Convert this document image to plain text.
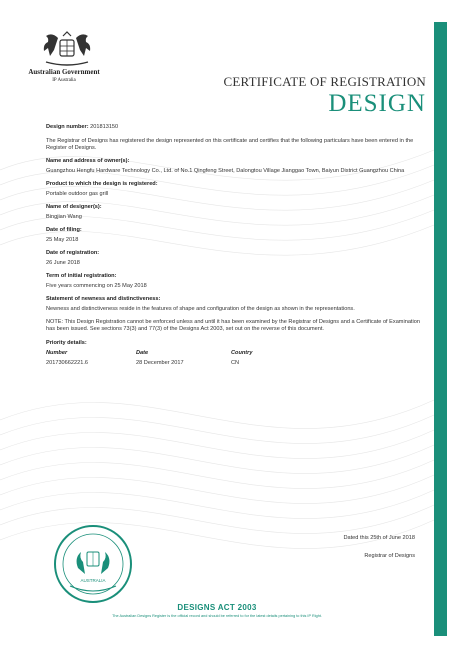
Australian Government
IP Australia	CERTIFICATE OF REGISTRATION
DESIGN
Design number: 201813150
The Registrar of Designs has registered the design represented on this certificate and certifies that the following particulars have been entered in the Register of Designs.
Name and address of owner(s):
Guangzhou Hengfu Hardware Technology Co., Ltd. of No.1 Qingfeng Street, Dalongtou Village Jianggao Town, Baiyun District Guangzhou China
Product to which the design is registered:
Portable outdoor gas grill
Name of designer(s):
Bingjian Wang
Date of filing:
25 May 2018
Date of registration:
26 June 2018
Term of initial registration:
Five years commencing on 25 May 2018
Statement of newness and distinctiveness:
Newness and distinctiveness reside in the features of shape and configuration of the design as shown in the representations.
NOTE: This Design Registration cannot be enforced unless and until it has been examined by the Registrar of Designs and a Certificate of Examination has been issued. See sections 73(3) and 77(3) of the Designs Act 2003, set out on the reverse of this document.
Priority details:
Number	Date	Country
201730662221.6	28 December 2017	CN
AUSTRALIA
Dated this 25th of June 2018
Registrar of Designs
DESIGNS ACT 2003
The Australian Designs Register is the official record and should be referred to for the latest details pertaining to this IP Right.
